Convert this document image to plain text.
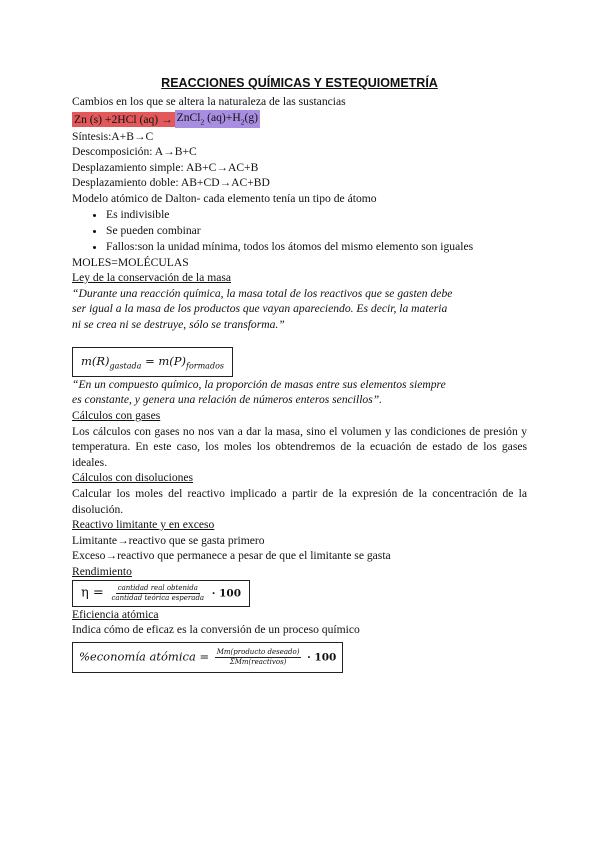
REACCIONES QUÍMICAS Y ESTEQUIOMETRÍA
Cambios en los que se altera la naturaleza de las sustancias
Zn (s) +2HCl (aq) → ZnCl$_2$ $(aq)+H_2(g)$
Síntesis:A+B→C
Descomposición: A→B+C
Desplazamiento simple: AB+C→AC+B
Desplazamiento doble: AB+CD→AC+BD
Modelo atómico de Dalton- cada elemento tenía un tipo de átomo
• Es indivisible
• Se pueden combinar
• Fallos:son la unidad mínima, todos los átomos del mismo elemento son iguales
MOLES=MOLÉCULAS
Ley de la conservación de la masa
“Durante una reacción química, la masa total de los reactivos que se gasten debe
ser igual a la masa de los productos que vayan apareciendo. Es decir, la materia
ni se crea ni se destruye, sólo se transforma.”
$m(R)_{gastada} = m(P)_{formados}$
“En un compuesto químico, la proporción de masas entre sus elementos siempre
es constante, y genera una relación de números enteros sencillos”.
Cálculos con gases
Los cálculos con gases no nos van a dar la masa, sino el volumen y las condiciones de presión y temperatura. En este caso, los moles los obtendremos de la ecuación de estado de los gases ideales.
Cálculos con disoluciones
Calcular los moles del reactivo implicado a partir de la expresión de la concentración de la disolución.
Reactivo limitante y en exceso
Limitante→reactivo que se gasta primero
Exceso→reactivo que permanece a pesar de que el limitante se gasta
Rendimiento
$\eta = \frac{\text{cantidad real obtenida}}{\text{cantidad teórica esperada}} \cdot 100$
Eficiencia atómica
Indica cómo de eficaz es la conversión de un proceso químico
%economía atómica = $\frac{\text{Mm(producto deseado)}}{\text{ΣMm(reactivos)}} \cdot 100$
